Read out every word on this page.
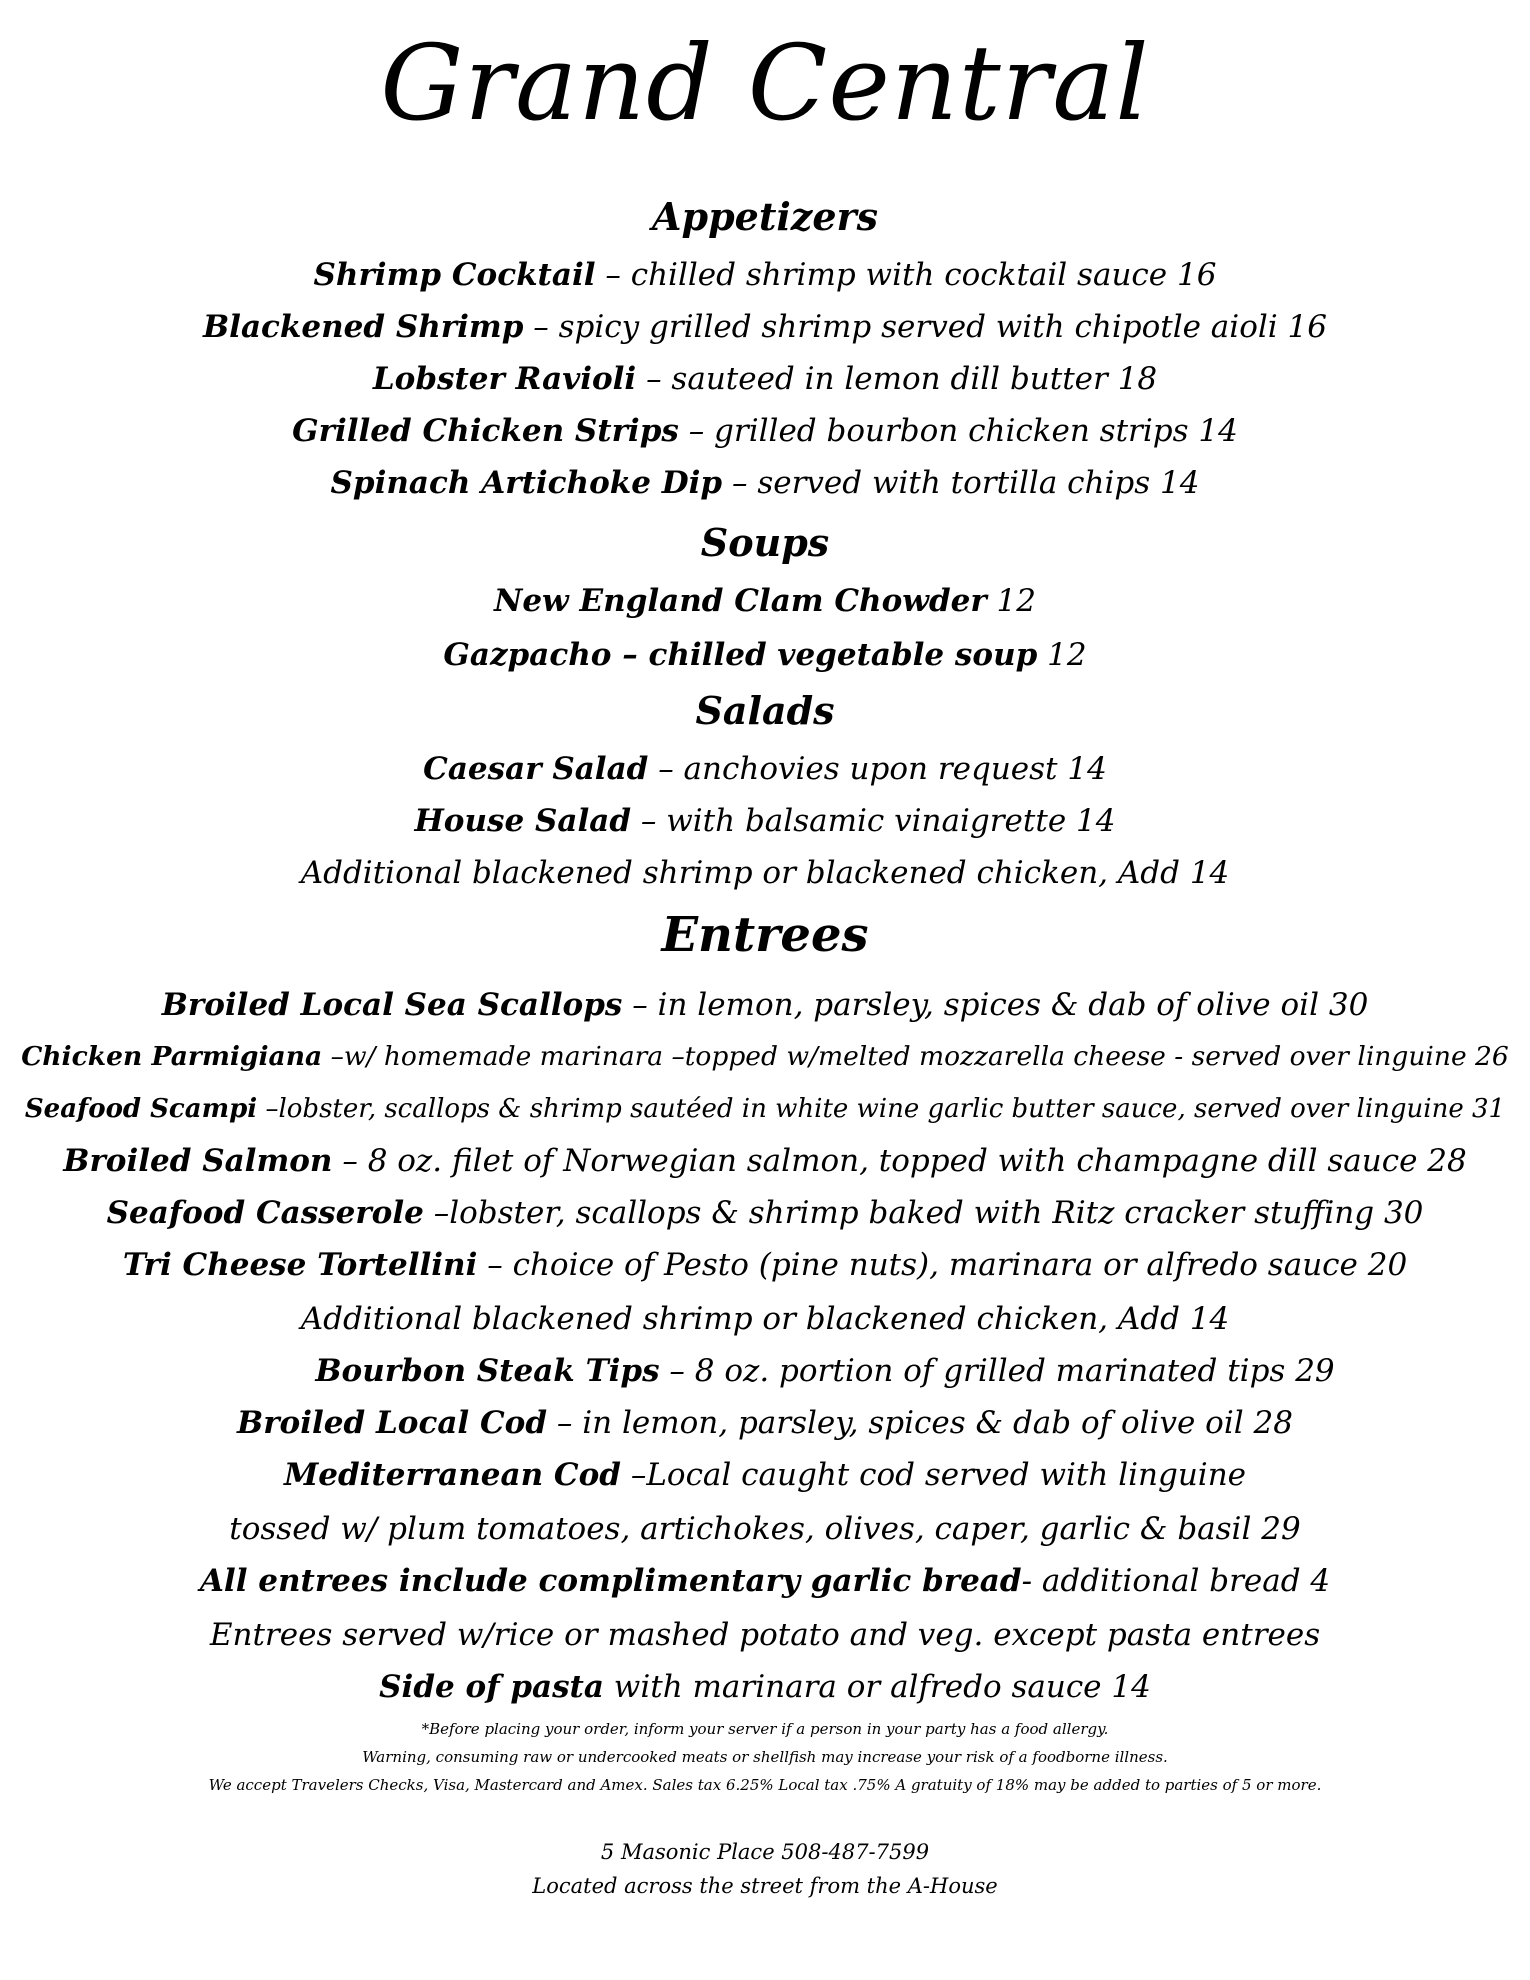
Grand Central
Appetizers
Shrimp Cocktail – chilled shrimp with cocktail sauce 16
Blackened Shrimp – spicy grilled shrimp served with chipotle aioli 16
Lobster Ravioli – sauteed in lemon dill butter 18
Grilled Chicken Strips – grilled bourbon chicken strips 14
Spinach Artichoke Dip – served with tortilla chips 14
Soups
New England Clam Chowder 12
Gazpacho – chilled vegetable soup 12
Salads
Caesar Salad – anchovies upon request 14
House Salad – with balsamic vinaigrette 14
Additional blackened shrimp or blackened chicken, Add 14
Entrees
Broiled Local Sea Scallops – in lemon, parsley, spices & dab of olive oil 30
Chicken Parmigiana –w/ homemade marinara –topped w/melted mozzarella cheese - served over linguine 26
Seafood Scampi –lobster, scallops & shrimp sautéed in white wine garlic butter sauce, served over linguine 31
Broiled Salmon – 8 oz. filet of Norwegian salmon, topped with champagne dill sauce 28
Seafood Casserole –lobster, scallops & shrimp baked with Ritz cracker stuffing 30
Tri Cheese Tortellini – choice of Pesto (pine nuts), marinara or alfredo sauce 20
Additional blackened shrimp or blackened chicken, Add 14
Bourbon Steak Tips – 8 oz. portion of grilled marinated tips 29
Broiled Local Cod – in lemon, parsley, spices & dab of olive oil 28
Mediterranean Cod –Local caught cod served with linguine
tossed w/ plum tomatoes, artichokes, olives, caper, garlic & basil 29
All entrees include complimentary garlic bread- additional bread 4
Entrees served w/rice or mashed potato and veg. except pasta entrees
Side of pasta with marinara or alfredo sauce 14
*Before placing your order, inform your server if a person in your party has a food allergy.
Warning, consuming raw or undercooked meats or shellfish may increase your risk of a foodborne illness.
We accept Travelers Checks, Visa, Mastercard and Amex. Sales tax 6.25% Local tax .75% A gratuity of 18% may be added to parties of 5 or more.
5 Masonic Place 508-487-7599
Located across the street from the A-House
